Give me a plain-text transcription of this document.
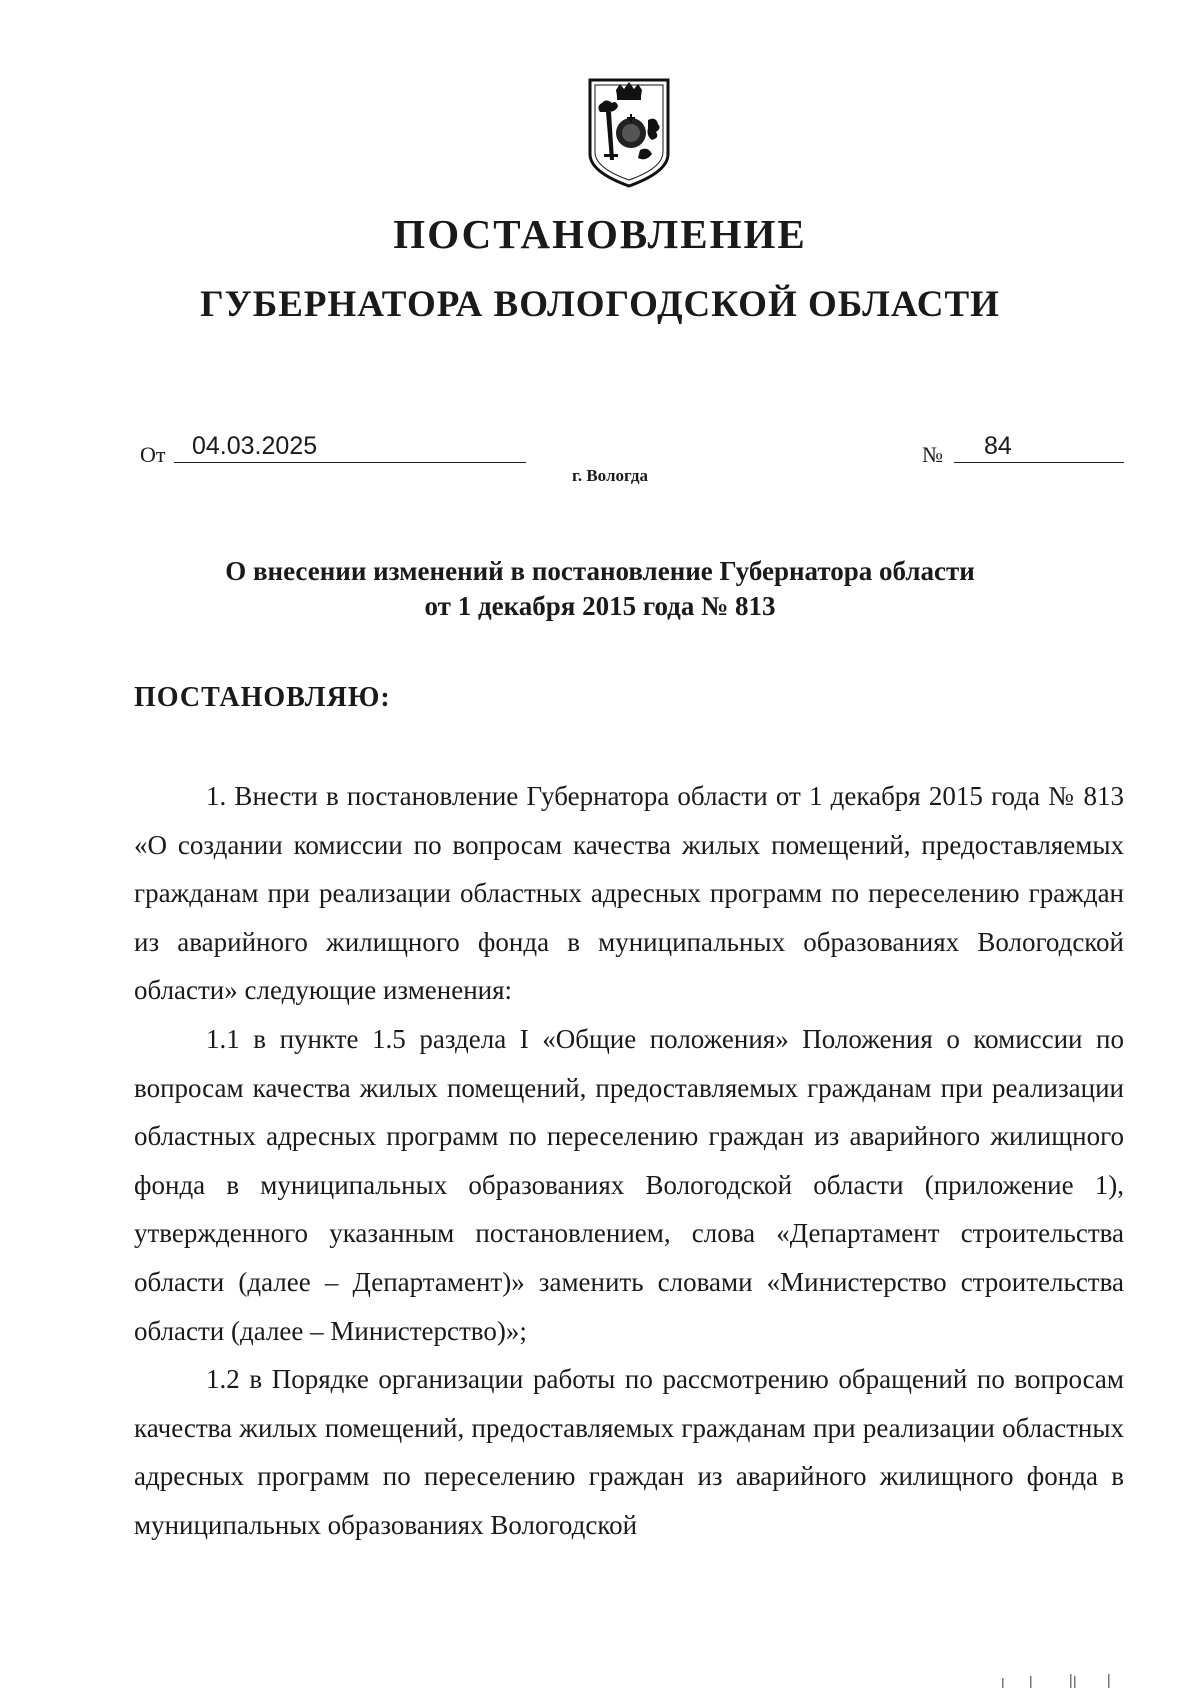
ПОСТАНОВЛЕНИЕ
ГУБЕРНАТОРА ВОЛОГОДСКОЙ ОБЛАСТИ
От 04.03.2025	№ 84
г. Вологда
О внесении изменений в постановление Губернатора области
от 1 декабря 2015 года № 813
ПОСТАНОВЛЯЮ:

1. Внести в постановление Губернатора области от 1 декабря 2015 года № 813 «О создании комиссии по вопросам качества жилых помещений, предоставляемых гражданам при реализации областных адресных программ по переселению граждан из аварийного жилищного фонда в муниципальных образованиях Вологодской области» следующие изменения:

1.1 в пункте 1.5 раздела I «Общие положения» Положения о комиссии по вопросам качества жилых помещений, предоставляемых гражданам при реализации областных адресных программ по переселению граждан из аварийного жилищного фонда в муниципальных образованиях Вологодской области (приложение 1), утвержденного указанным постановлением, слова «Департамент строительства области (далее – Департамент)» заменить словами «Министерство строительства области (далее – Министерство)»;

1.2 в Порядке организации работы по рассмотрению обращений по вопросам качества жилых помещений, предоставляемых гражданам при реализации областных адресных программ по переселению граждан из аварийного жилищного фонда в муниципальных образованиях Вологодской
